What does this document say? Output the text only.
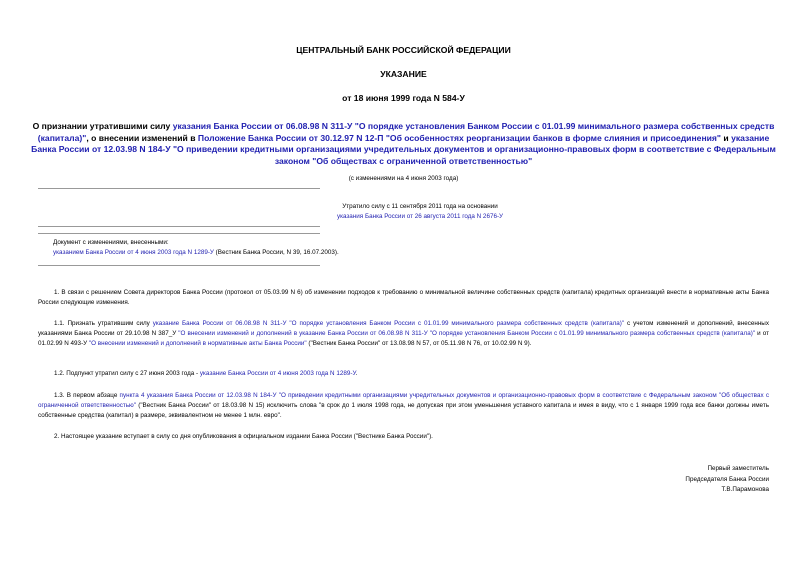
ЦЕНТРАЛЬНЫЙ БАНК РОССИЙСКОЙ ФЕДЕРАЦИИ
УКАЗАНИЕ
от 18 июня 1999 года N 584-У
О признании утратившими силу указания Банка России от 06.08.98 N 311-У "О порядке установления Банком России с 01.01.99 минимального размера собственных средств (капитала)", о внесении изменений в Положение Банка России от 30.12.97 N 12-П "Об особенностях реорганизации банков в форме слияния и присоединения" и указание Банка России от 12.03.98 N 184-У "О приведении кредитными организациями учредительных документов и организационно-правовых форм в соответствие с Федеральным законом "Об обществах с ограниченной ответственностью"
(с изменениями на 4 июня 2003 года)
Утратило силу с 11 сентября 2011 года на основании
указания Банка России от 26 августа 2011 года N 2676-У
Документ с изменениями, внесенными:
указанием Банка России от 4 июня 2003 года N 1289-У (Вестник Банка России, N 39, 16.07.2003).
1. В связи с решением Совета директоров Банка России (протокол от 05.03.99 N 6) об изменении подходов к требованию о минимальной величине собственных средств (капитала) кредитных организаций внести в нормативные акты Банка России следующие изменения.
1.1. Признать утратившим силу указание Банка России от 06.08.98 N 311-У "О порядке установления Банком России с 01.01.99 минимального размера собственных средств (капитала)" с учетом изменений и дополнений, внесенных указаниями Банка России от 29.10.98 N 387_У "О внесении изменений и дополнений в указание Банка России от 06.08.98 N 311-У "О порядке установления Банком России с 01.01.99 минимального размера собственных средств (капитала)" и от 01.02.99 N 493-У "О внесении изменений и дополнений в нормативные акты Банка России" ("Вестник Банка России" от 13.08.98 N 57, от 05.11.98 N 76, от 10.02.99 N 9).
1.2. Подпункт утратил силу с 27 июня 2003 года - указание Банка России от 4 июня 2003 года N 1289-У.
1.3. В первом абзаце пункта 4 указания Банка России от 12.03.98 N 184-У "О приведении кредитными организациями учредительных документов и организационно-правовых форм в соответствие с Федеральным законом "Об обществах с ограниченной ответственностью" ("Вестник Банка России" от 18.03.98 N 15) исключить слова "в срок до 1 июля 1998 года, не допуская при этом уменьшения уставного капитала и имея в виду, что с 1 января 1999 года все банки должны иметь собственные средства (капитал) в размере, эквивалентном не менее 1 млн. евро".
2. Настоящее указание вступает в силу со дня опубликования в официальном издании Банка России ("Вестнике Банка России").
Первый заместитель
Председателя Банка России
Т.В.Парамонова
